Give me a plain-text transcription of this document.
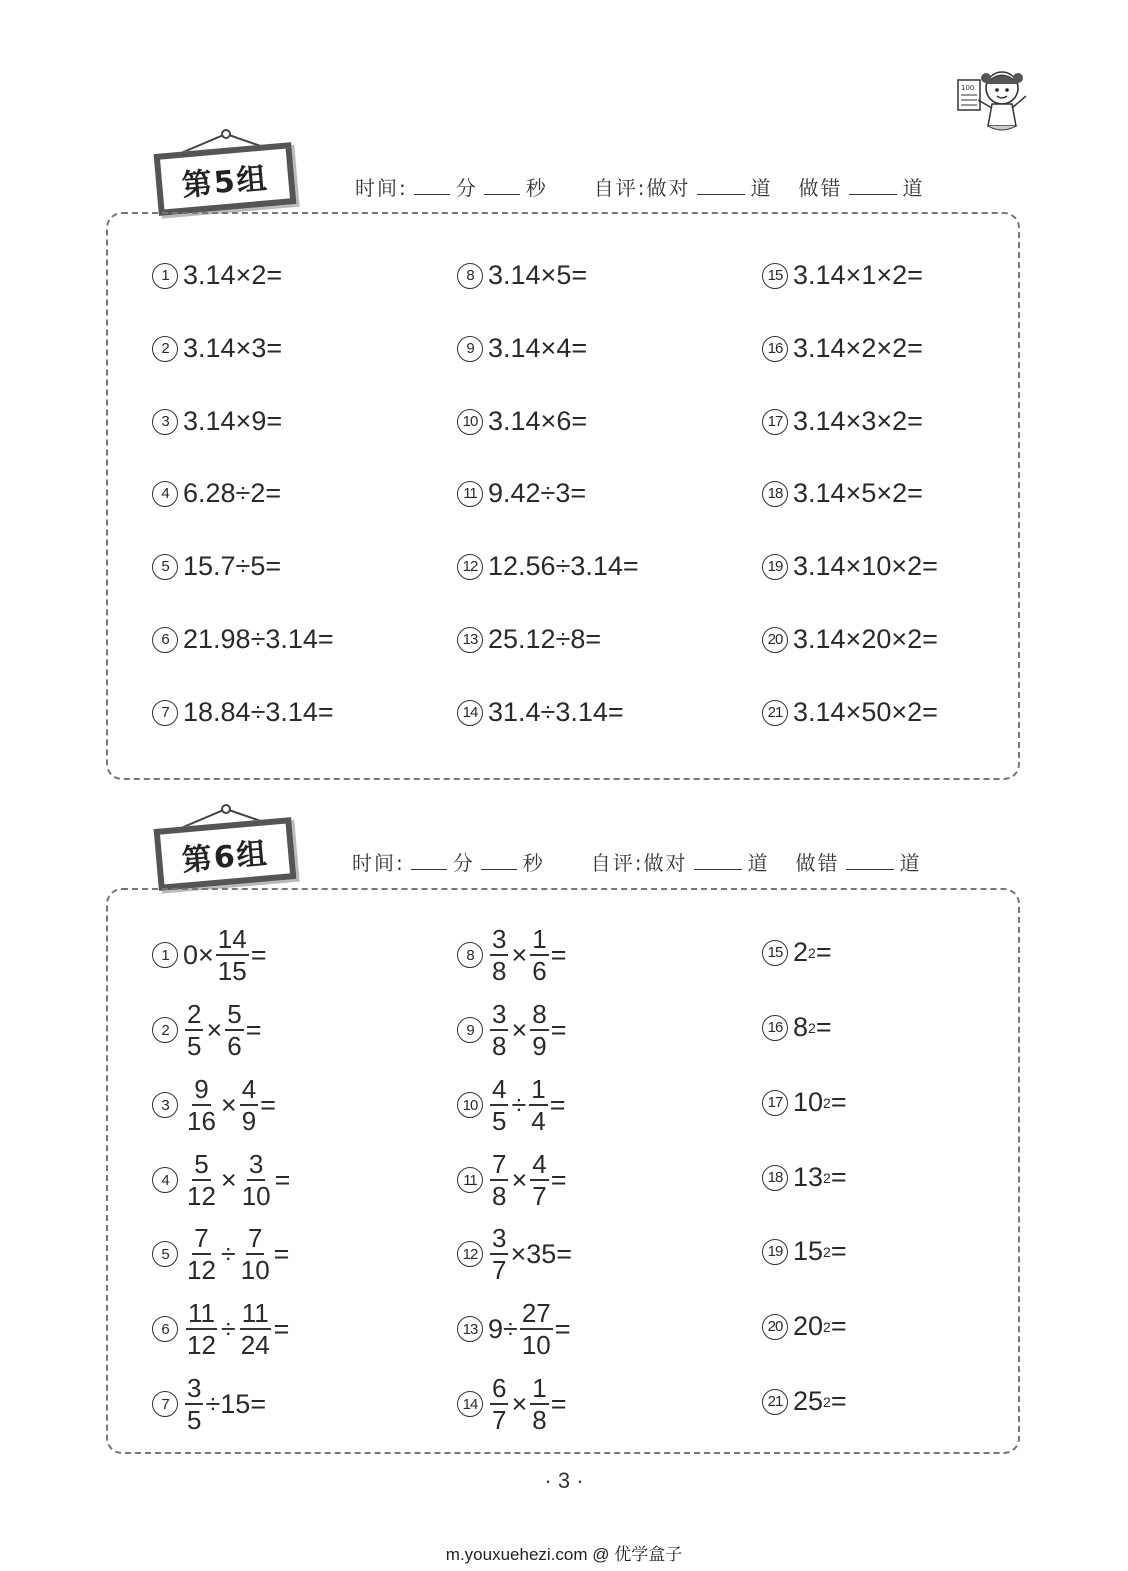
100
第5组	时间: 分 秒 自评:做对	道 做错	道
1 3.14×2=
2 3.14×3=
3 3.14×9=
4 6.28÷2=
5 15.7÷5=
6 21.98÷3.14=
7 18.84÷3.14=
8 3.14×5=
9 3.14×4=
10 3.14×6=
11 9.42÷3=
12 12.56÷3.14=
13 25.12÷8=
14 31.4÷3.14=
15 3.14×1×2=
16 3.14×2×2=
17 3.14×3×2=
18 3.14×5×2=
19 3.14×10×2=
20 3.14×20×2=
21 3.14×50×2=
第6组	时间: 分 秒 自评:做对	道 做错	道
1 $0\times \frac{14}{15}$ =
$2 \frac{2}{5} \times \frac{5}{6}$ =
$3 \frac{9}{16} \times \frac{4}{9}$ =
$4 \frac{5}{12} \times \frac{3}{10}$ =
$5 \frac{7}{12} \div \frac{7}{10}$ =
$6 \frac{11}{12} \div \frac{11}{24}$ =
$7 \frac{3}{5} \div 15=$
$8 \frac{3}{8} \times \frac{1}{6}$ =
$9 \frac{3}{8} \times \frac{8}{9}$ =
$10 \frac{4}{5} \div \frac{1}{4}$ =
$11 \frac{7}{8} \times \frac{4}{7}$ =
$12 \frac{3}{7} \times 35=$
13 $9\div \frac{27}{10}$ =
$14 \frac{6}{7} \times \frac{1}{8}$ =
15 2 2 =
16 8 2 =
17 10 2 =
18 13 2 =
19 15 2 =
20 20 2 =
21 25 2 =
· 3 ·
m.youxuehezi.com @ 优学盒子
